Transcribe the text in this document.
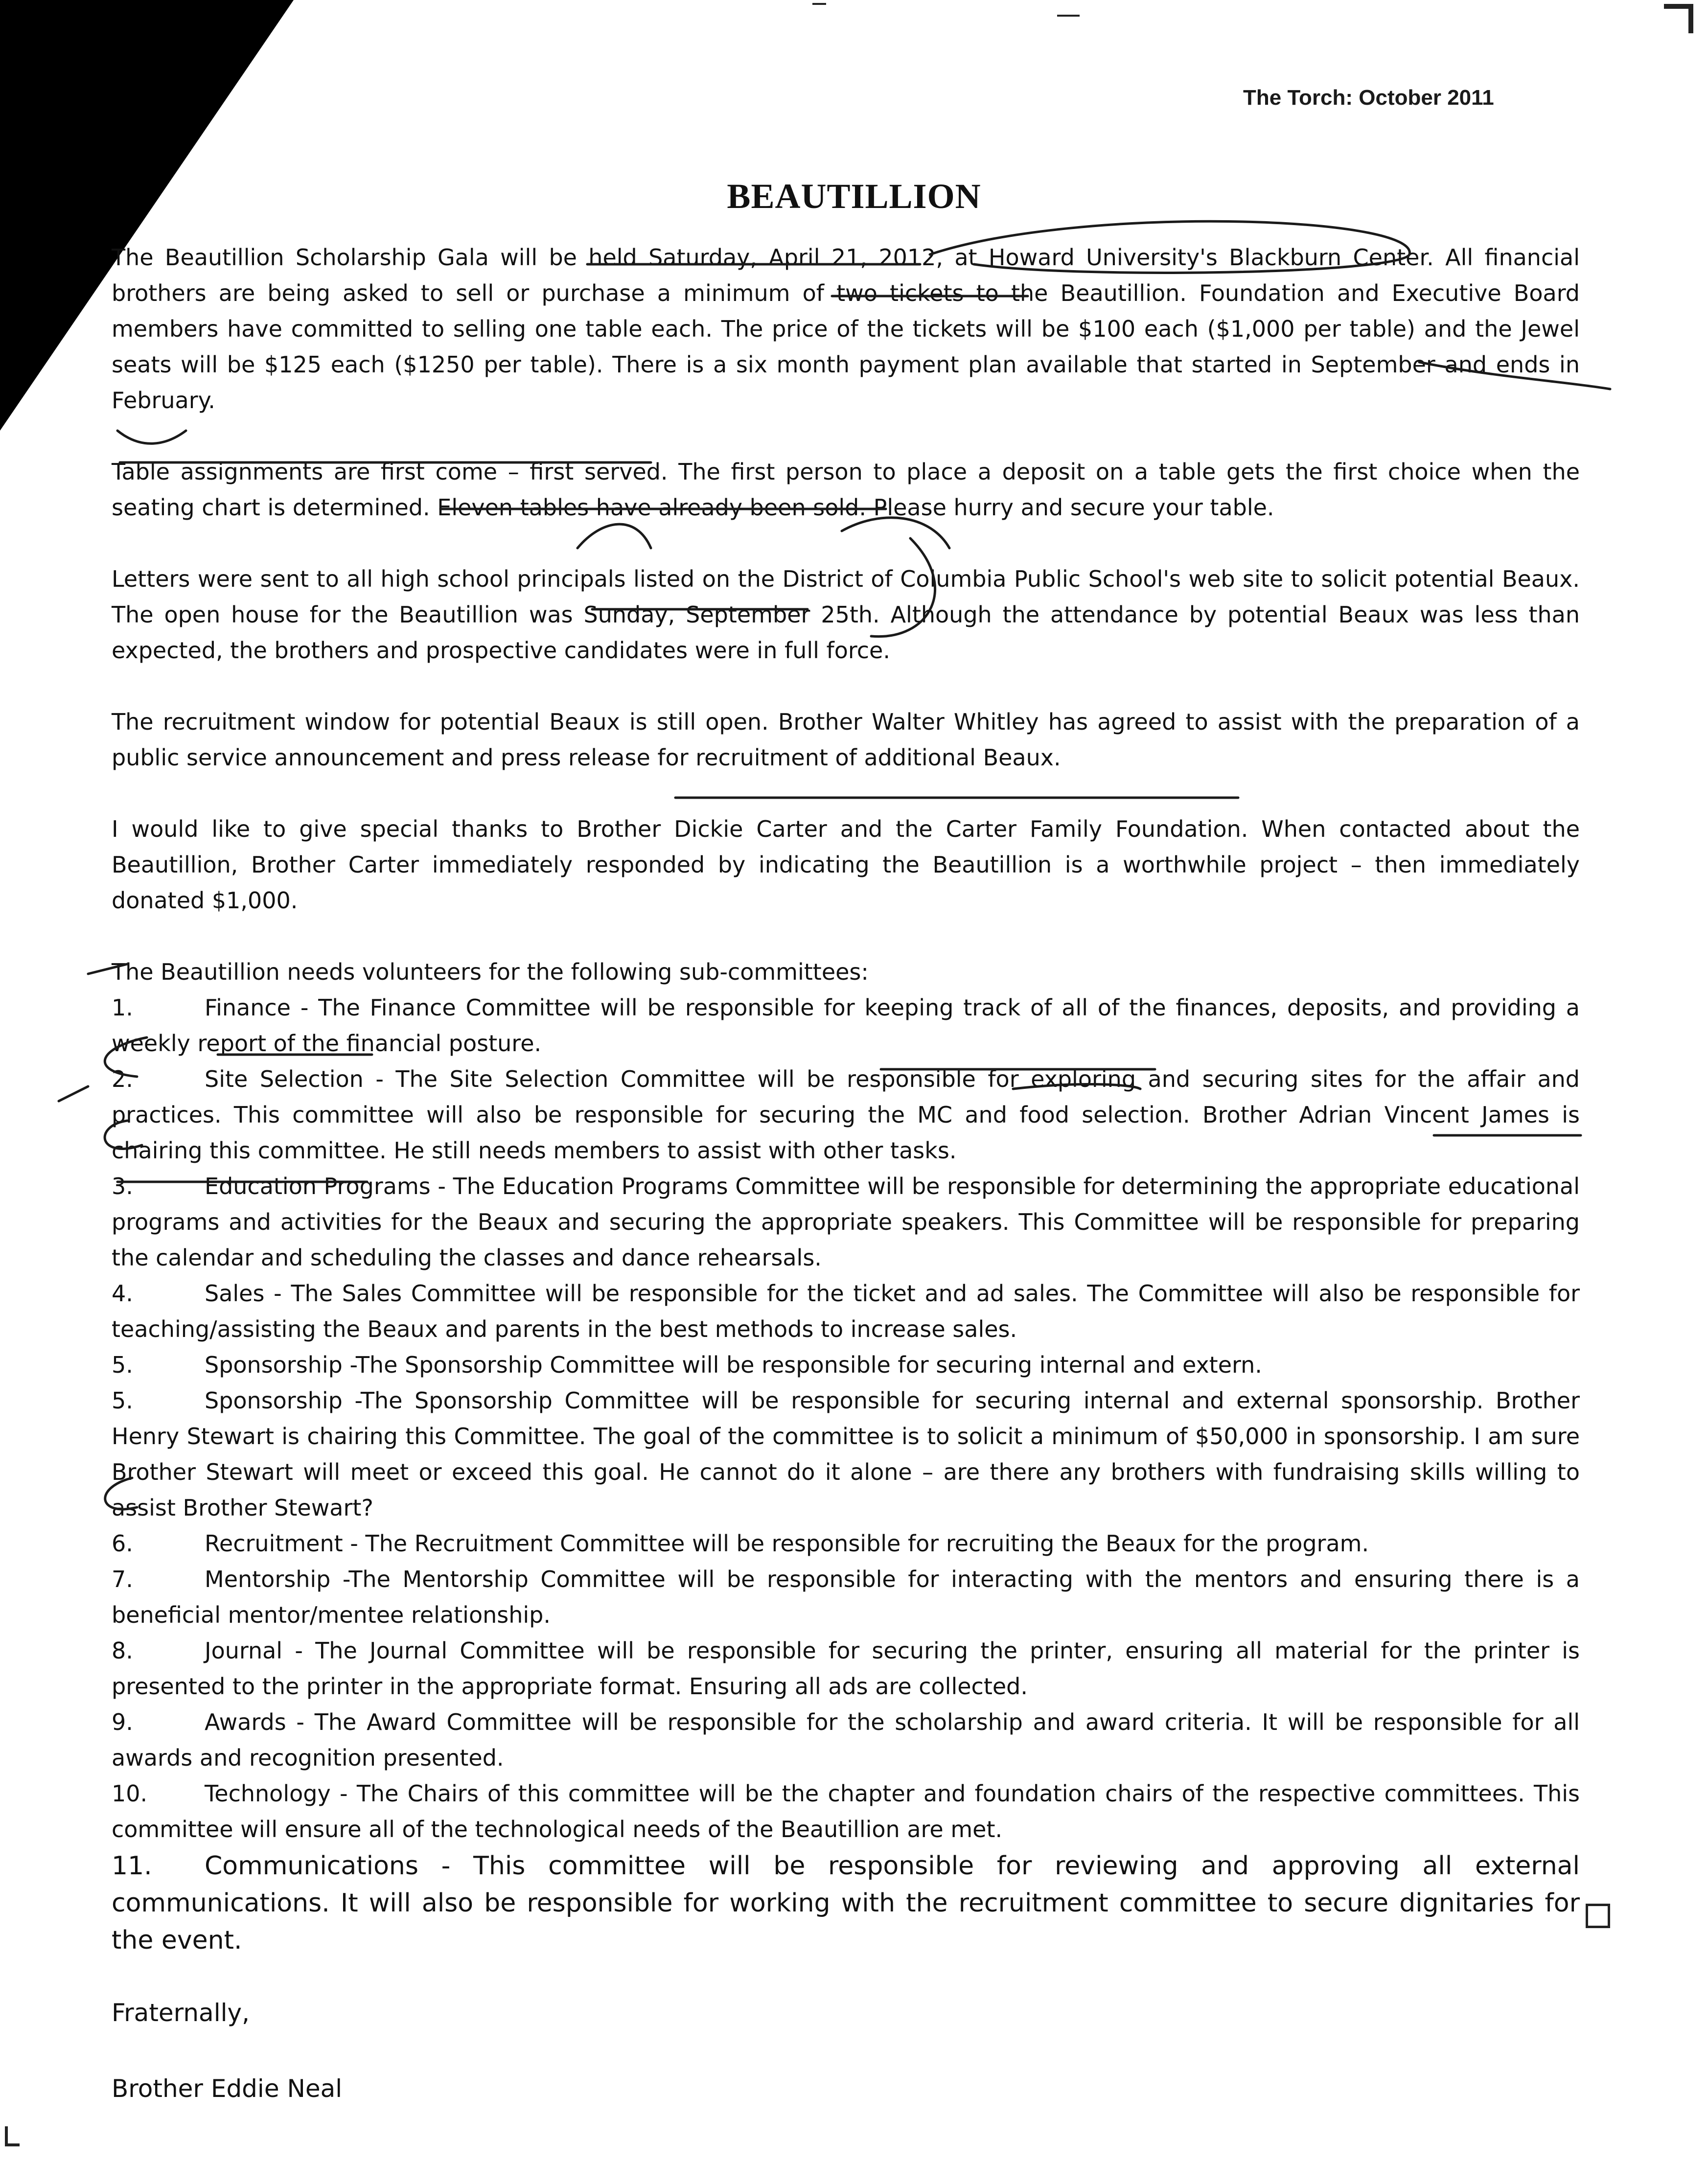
The Torch: October 2011
BEAUTILLION

The Beautillion Scholarship Gala will be held Saturday, April 21, 2012, at Howard University's Blackburn Center. All financial brothers are being asked to sell or purchase a minimum of two tickets to the Beautillion. Foundation and Executive Board members have committed to selling one table each. The price of the tickets will be $100 each ($1,000 per table) and the Jewel seats will be $125 each ($1250 per table). There is a six month payment plan available that started in September and ends in February.

Table assignments are first come – first served. The first person to place a deposit on a table gets the first choice when the seating chart is determined. Eleven tables have already been sold. Please hurry and secure your table.

Letters were sent to all high school principals listed on the District of Columbia Public School's web site to solicit potential Beaux. The open house for the Beautillion was Sunday, September 25th. Although the attendance by potential Beaux was less than expected, the brothers and prospective candidates were in full force.

The recruitment window for potential Beaux is still open. Brother Walter Whitley has agreed to assist with the preparation of a public service announcement and press release for recruitment of additional Beaux.

I would like to give special thanks to Brother Dickie Carter and the Carter Family Foundation. When contacted about the Beautillion, Brother Carter immediately responded by indicating the Beautillion is a worthwhile project – then immediately donated $1,000.

The Beautillion needs volunteers for the following sub-committees:
1.	Finance - The Finance Committee will be responsible for keeping track of all of the finances, deposits, and providing a weekly report of the financial posture.
2.	Site Selection - The Site Selection Committee will be responsible for exploring and securing sites for the affair and practices. This committee will also be responsible for securing the MC and food selection. Brother Adrian Vincent James is chairing this committee. He still needs members to assist with other tasks.
3.	Education Programs - The Education Programs Committee will be responsible for determining the appropriate educational programs and activities for the Beaux and securing the appropriate speakers. This Committee will be responsible for preparing the calendar and scheduling the classes and dance rehearsals.
4.	Sales - The Sales Committee will be responsible for the ticket and ad sales. The Committee will also be responsible for teaching/assisting the Beaux and parents in the best methods to increase sales.
5.	Sponsorship -The Sponsorship Committee will be responsible for securing internal and extern.
5.	Sponsorship -The Sponsorship Committee will be responsible for securing internal and external sponsorship. Brother Henry Stewart is chairing this Committee. The goal of the committee is to solicit a minimum of $50,000 in sponsorship. I am sure Brother Stewart will meet or exceed this goal. He cannot do it alone – are there any brothers with fundraising skills willing to assist Brother Stewart?
6.	Recruitment - The Recruitment Committee will be responsible for recruiting the Beaux for the program.
7.	Mentorship -The Mentorship Committee will be responsible for interacting with the mentors and ensuring there is a beneficial mentor/mentee relationship.
8.	Journal - The Journal Committee will be responsible for securing the printer, ensuring all material for the printer is presented to the printer in the appropriate format. Ensuring all ads are collected.
9.	Awards - The Award Committee will be responsible for the scholarship and award criteria. It will be responsible for all awards and recognition presented.
10.	Technology - The Chairs of this committee will be the chapter and foundation chairs of the respective committees. This committee will ensure all of the technological needs of the Beautillion are met.
11. Communications - This committee will be responsible for reviewing and approving all external communications. It will also be responsible for working with the recruitment committee to secure dignitaries for the event.
Fraternally,
Brother Eddie Neal
